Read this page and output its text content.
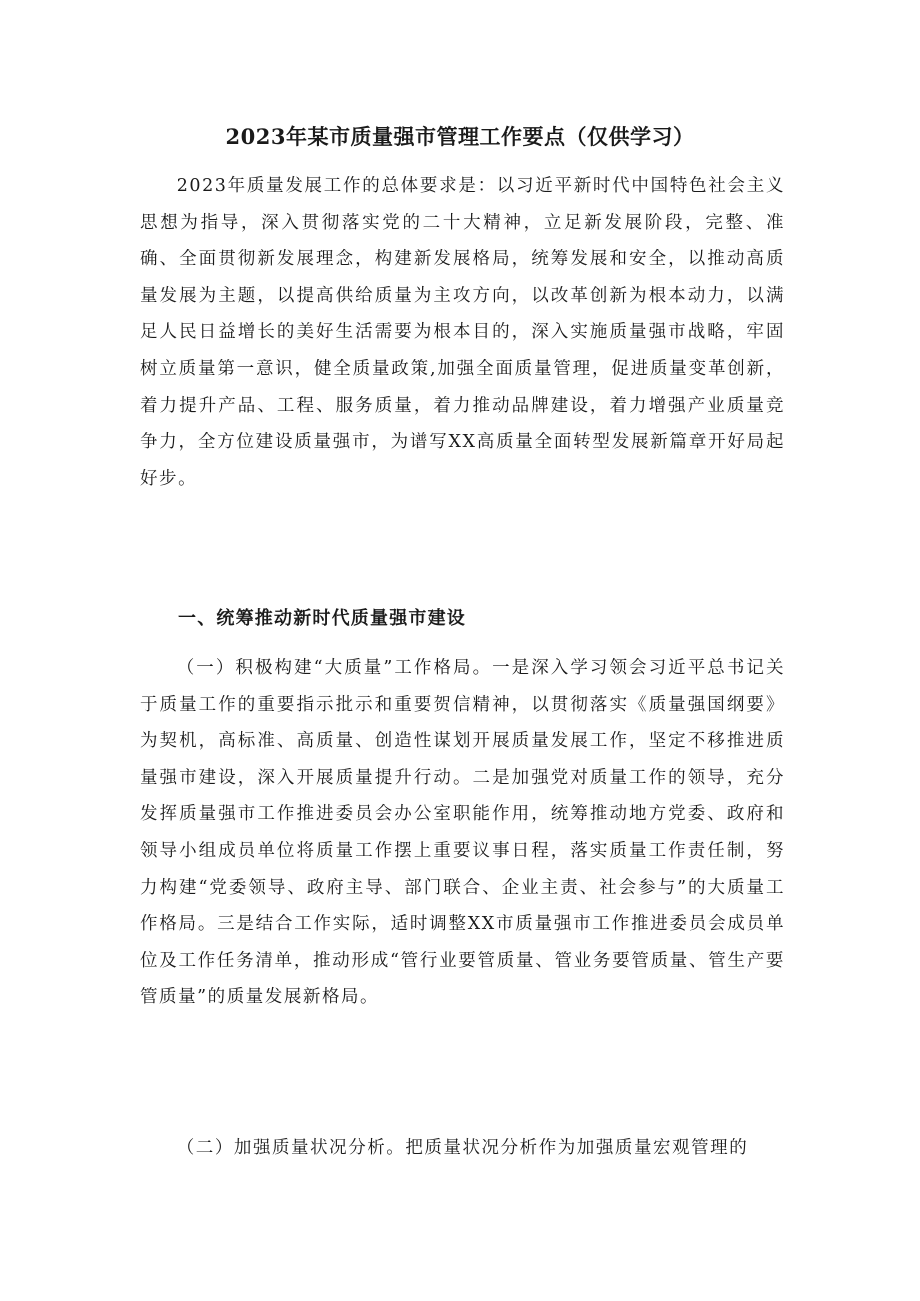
2023年某市质量强市管理工作要点（仅供学习）
2023年质量发展工作的总体要求是：以习近平新时代中国特色社会主义思想为指导，深入贯彻落实党的二十大精神，立足新发展阶段，完整、准确、全面贯彻新发展理念，构建新发展格局，统筹发展和安全，以推动高质量发展为主题，以提高供给质量为主攻方向，以改革创新为根本动力，以满足人民日益增长的美好生活需要为根本目的，深入实施质量强市战略，牢固树立质量第一意识，健全质量政策,加强全面质量管理，促进质量变革创新，着力提升产品、工程、服务质量，着力推动品牌建设，着力增强产业质量竞争力，全方位建设质量强市，为谱写XX高质量全面转型发展新篇章开好局起好步。
一、统筹推动新时代质量强市建设
（一）积极构建“大质量”工作格局。一是深入学习领会习近平总书记关于质量工作的重要指示批示和重要贺信精神，以贯彻落实《质量强国纲要》为契机，高标准、高质量、创造性谋划开展质量发展工作，坚定不移推进质量强市建设，深入开展质量提升行动。二是加强党对质量工作的领导，充分发挥质量强市工作推进委员会办公室职能作用，统筹推动地方党委、政府和领导小组成员单位将质量工作摆上重要议事日程，落实质量工作责任制，努力构建“党委领导、政府主导、部门联合、企业主责、社会参与”的大质量工作格局。三是结合工作实际，适时调整XX市质量强市工作推进委员会成员单位及工作任务清单，推动形成“管行业要管质量、管业务要管质量、管生产要管质量”的质量发展新格局。
（二）加强质量状况分析。把质量状况分析作为加强质量宏观管理的
